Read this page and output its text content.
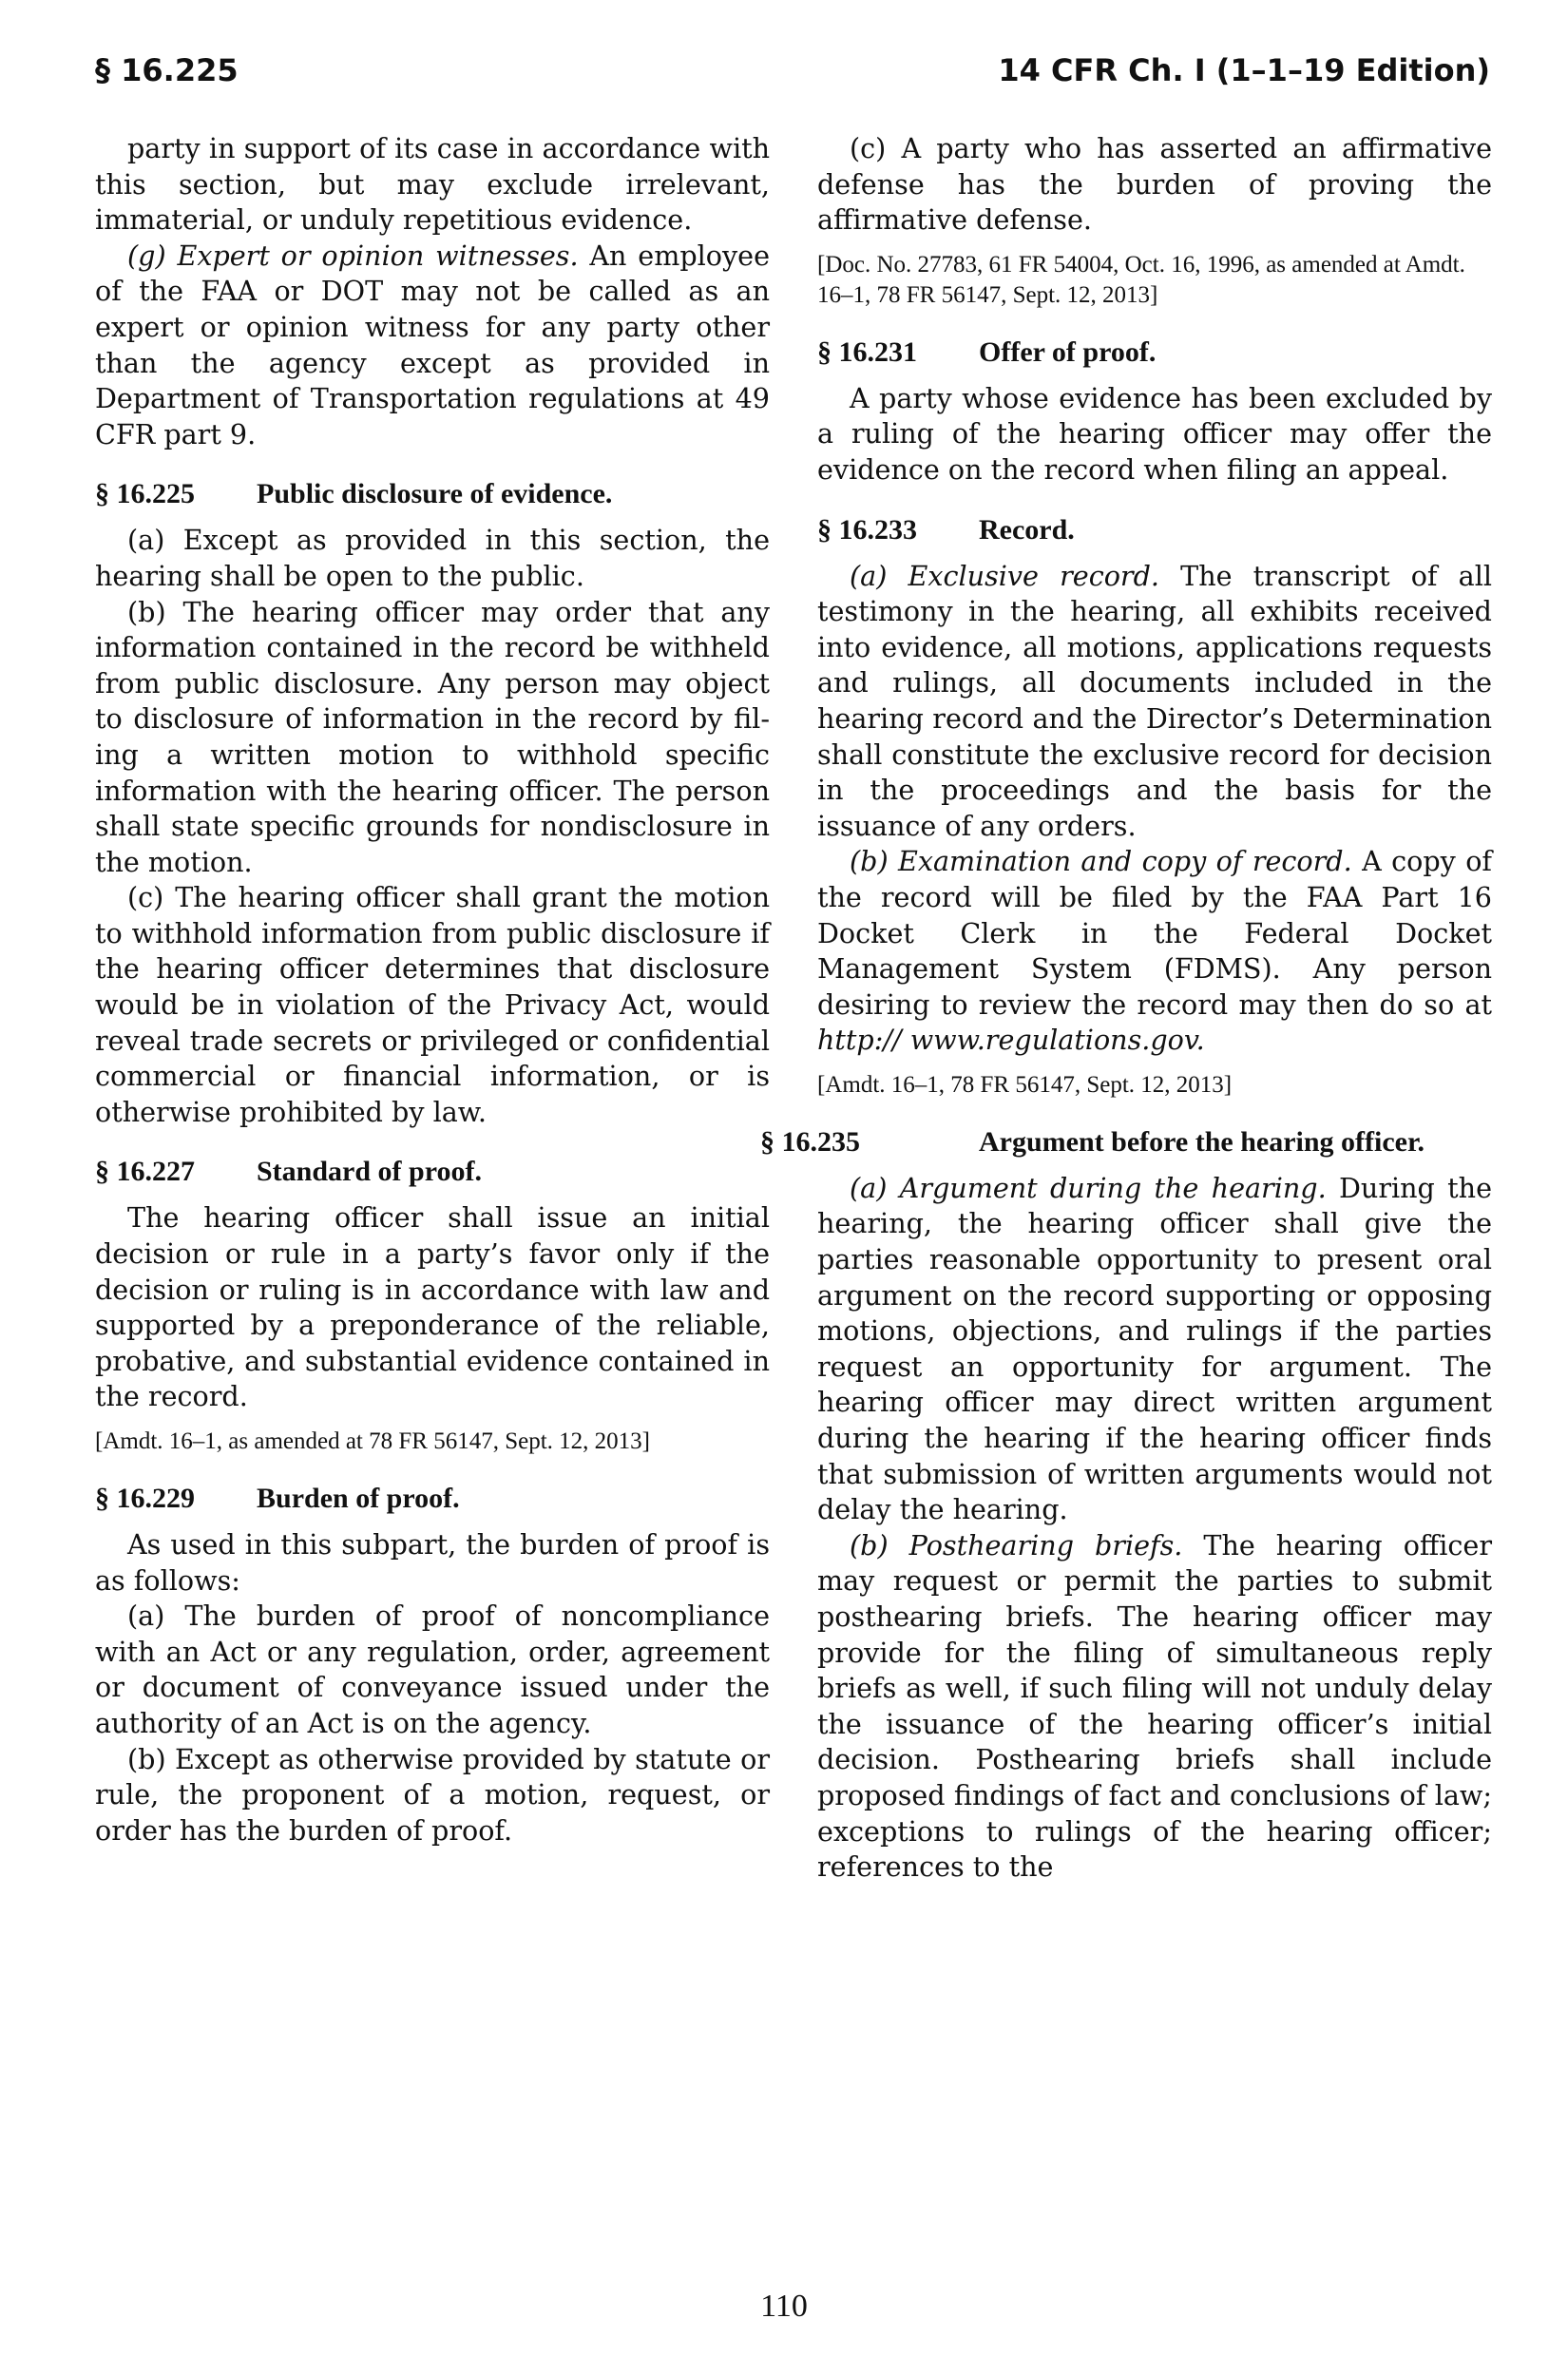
§ 16.225	14 CFR Ch. I (1–1–19 Edition)

party in support of its case in accordance with this section, but may exclude irrelevant, immaterial, or unduly repetitious evidence.

(g) Expert or opinion witnesses. An employee of the FAA or DOT may not be called as an expert or opinion witness for any party other than the agency except as provided in Department of Transportation regulations at 49 CFR part 9.

§ 16.225 Public disclosure of evidence.

(a) Except as provided in this section, the hearing shall be open to the public.

(b) The hearing officer may order that any information contained in the record be withheld from public disclosure. Any person may object to disclosure of information in the record by filing a written motion to withhold specific information with the hearing officer. The person shall state specific grounds for nondisclosure in the motion.

(c) The hearing officer shall grant the motion to withhold information from public disclosure if the hearing officer determines that disclosure would be in violation of the Privacy Act, would reveal trade secrets or privileged or confidential commercial or financial information, or is otherwise prohibited by law.

§ 16.227 Standard of proof.

The hearing officer shall issue an initial decision or rule in a party’s favor only if the decision or ruling is in accordance with law and supported by a preponderance of the reliable, probative, and substantial evidence contained in the record.

[Amdt. 16–1, as amended at 78 FR 56147, Sept. 12, 2013]

§ 16.229 Burden of proof.

As used in this subpart, the burden of proof is as follows:

(a) The burden of proof of noncompliance with an Act or any regulation, order, agreement or document of conveyance issued under the authority of an Act is on the agency.

(b) Except as otherwise provided by statute or rule, the proponent of a motion, request, or order has the burden of proof.

(c) A party who has asserted an affirmative defense has the burden of proving the affirmative defense.

[Doc. No. 27783, 61 FR 54004, Oct. 16, 1996, as amended at Amdt. 16–1, 78 FR 56147, Sept. 12, 2013]

§ 16.231 Offer of proof.

A party whose evidence has been excluded by a ruling of the hearing officer may offer the evidence on the record when filing an appeal.

§ 16.233 Record.

(a) Exclusive record. The transcript of all testimony in the hearing, all exhibits received into evidence, all motions, applications requests and rulings, all documents included in the hearing record and the Director’s Determination shall constitute the exclusive record for decision in the proceedings and the basis for the issuance of any orders.

(b) Examination and copy of record. A copy of the record will be filed by the FAA Part 16 Docket Clerk in the Federal Docket Management System (FDMS). Any person desiring to review the record may then do so at http:// www.regulations.gov.

[Amdt. 16–1, 78 FR 56147, Sept. 12, 2013]

§ 16.235	Argument before the hearing officer.

(a) Argument during the hearing. During the hearing, the hearing officer shall give the parties reasonable opportunity to present oral argument on the record supporting or opposing motions, objections, and rulings if the parties request an opportunity for argument. The hearing officer may direct written argument during the hearing if the hearing officer finds that submission of written arguments would not delay the hearing.

(b) Posthearing briefs. The hearing officer may request or permit the parties to submit posthearing briefs. The hearing officer may provide for the filing of simultaneous reply briefs as well, if such filing will not unduly delay the issuance of the hearing officer’s initial decision. Posthearing briefs shall include proposed findings of fact and conclusions of law; exceptions to rulings of the hearing officer; references to the

110
